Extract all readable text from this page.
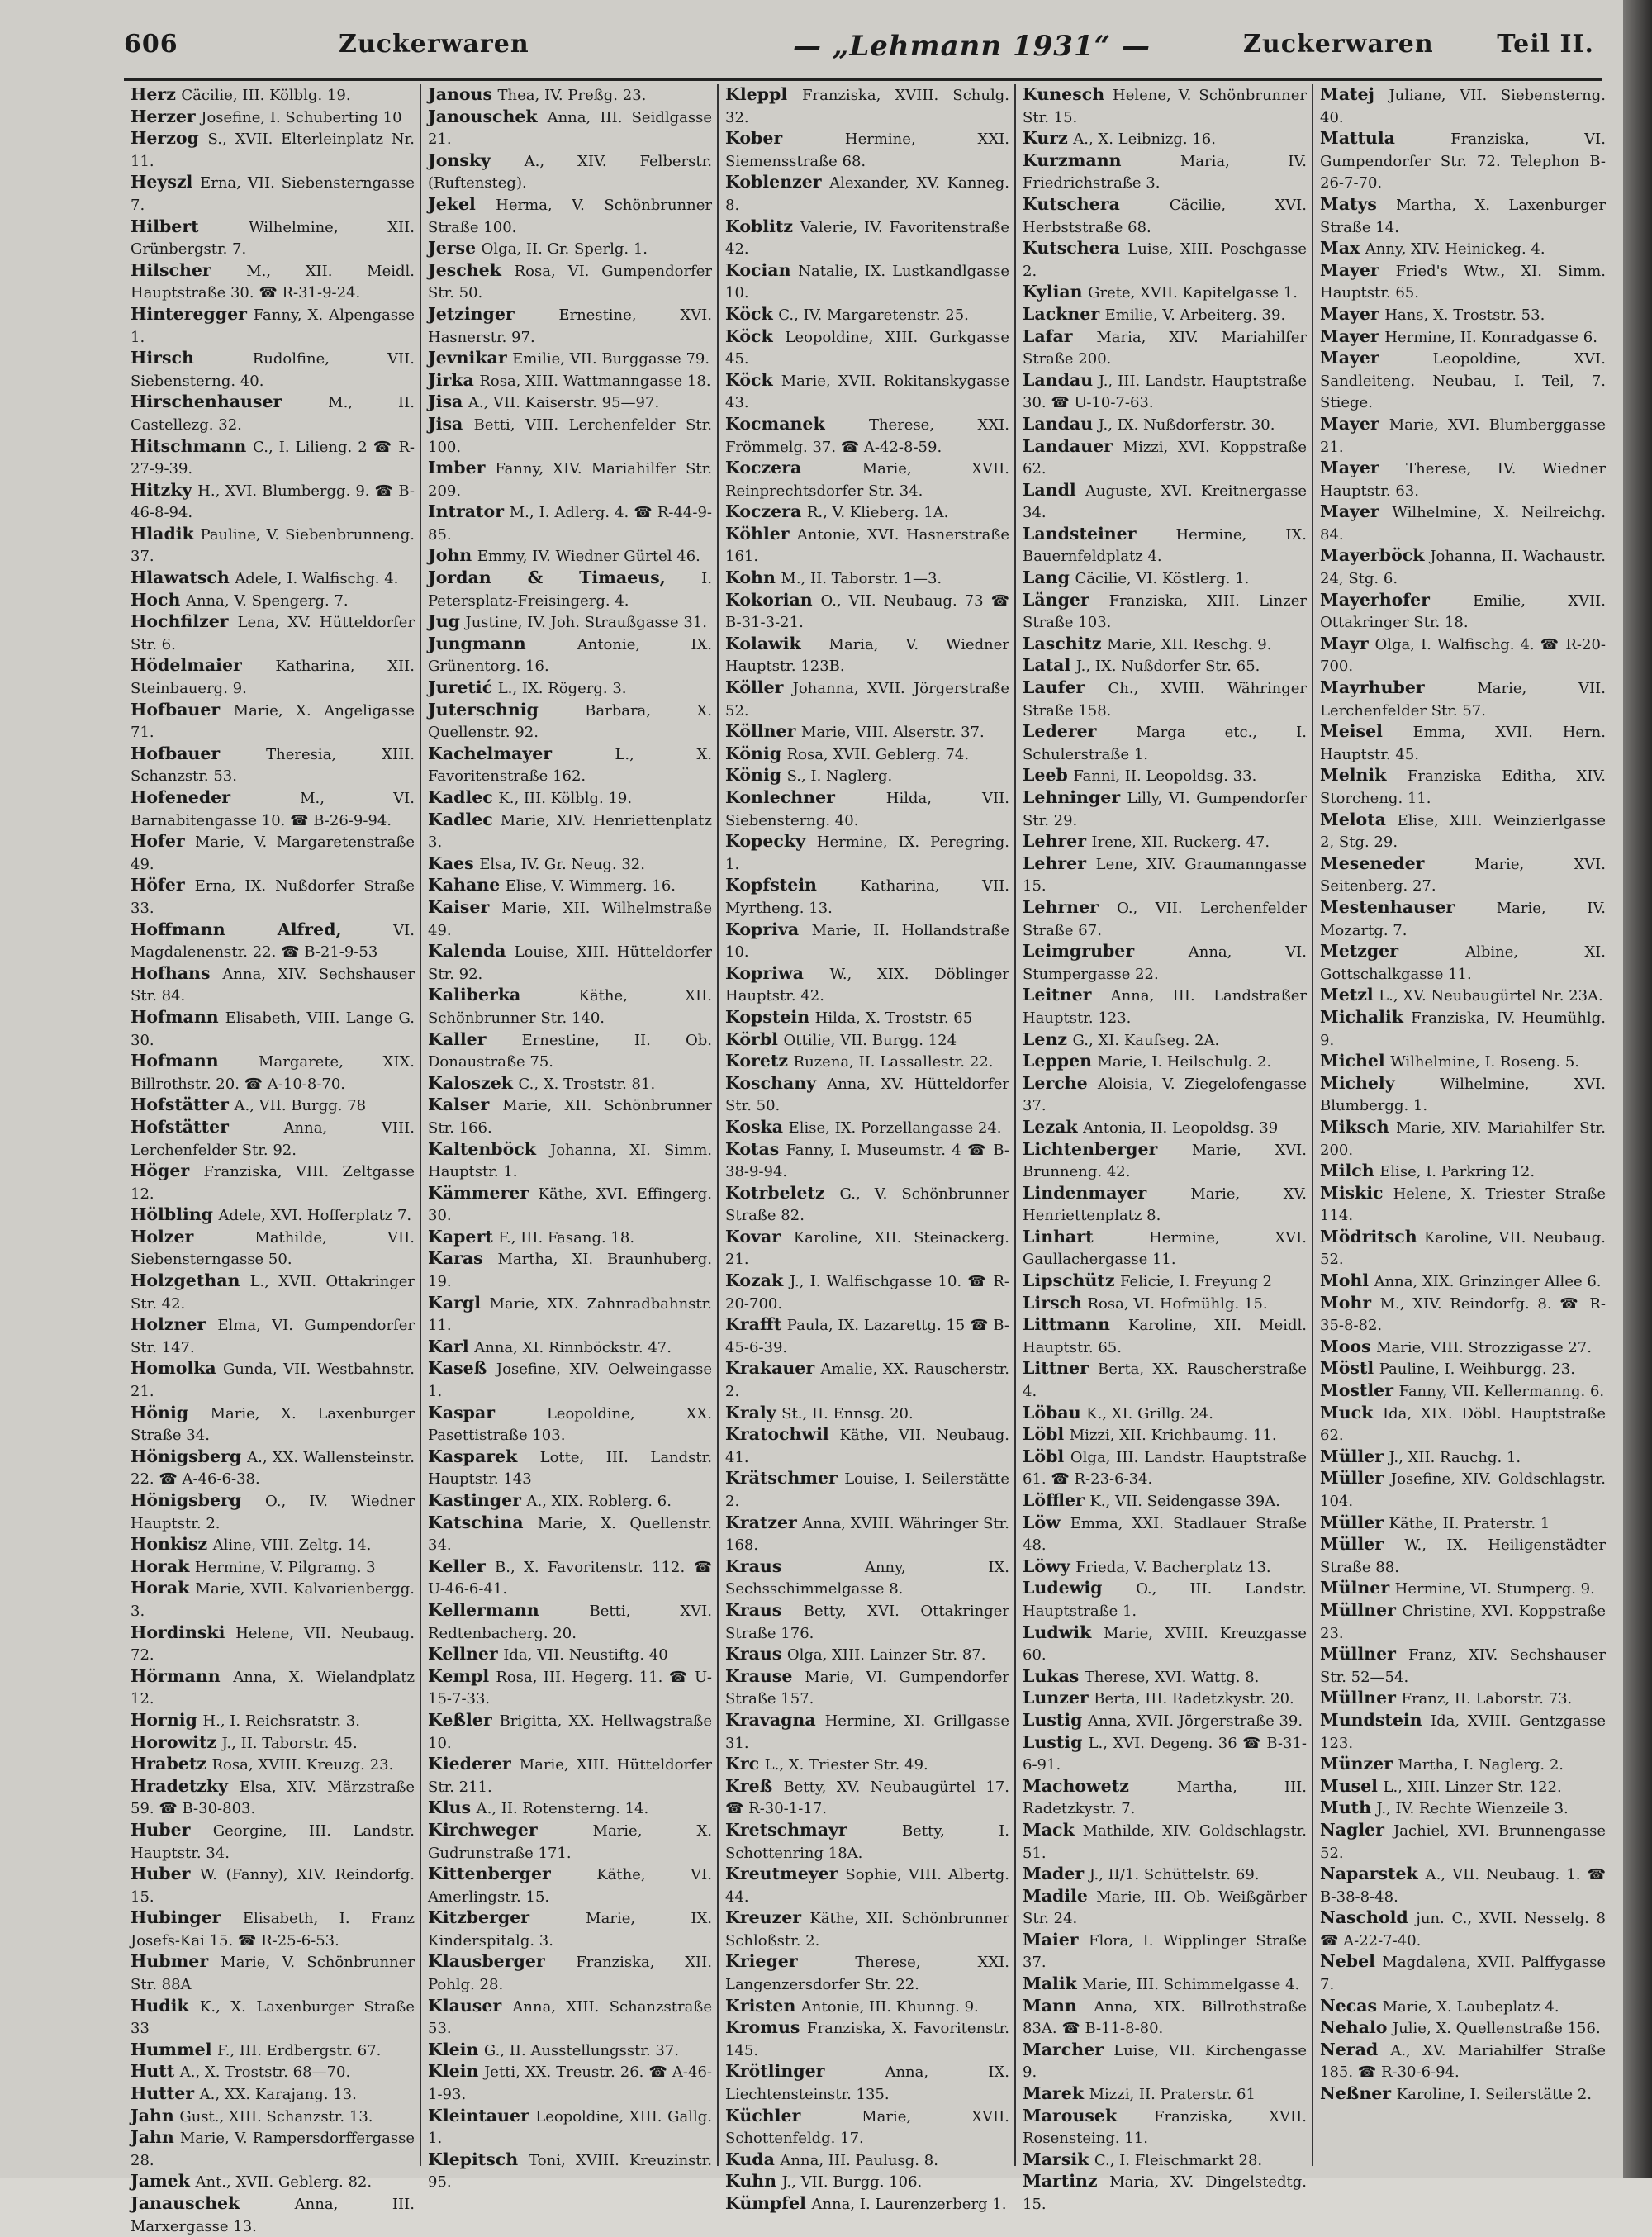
606	Zuckerwaren	— „Lehmann 1931“ —	Zuckerwaren	Teil II.

Herz Cäcilie, III. Kölblg. 19.

Herzer Josefine, I. Schuberting 10

Herzog S., XVII. Elterleinplatz Nr. 11.

Heyszl Erna, VII. Siebensterngasse 7.

Hilbert	Wilhelmine, XII. Grünbergstr. 7.

Hilscher M., XII. Meidl. Hauptstraße 30. ☎ R-31-9-24.

Hinteregger Fanny, X. Alpengasse 1.

Hirsch	Rudolfine, VII. Siebensterng. 40.

Hirschenhauser	M., II. Castellezg. 32.

Hitschmann C., I. Lilieng. 2 ☎ R-27-9-39.

Hitzky H., XVI. Blumbergg. 9. ☎ B-46-8-94.

Hladik Pauline, V. Siebenbrunneng. 37.

Hlawatsch Adele, I. Walfischg. 4.

Hoch Anna, V. Spengerg. 7.

Hochfilzer Lena, XV. Hütteldorfer Str. 6.

Hödelmaier Katharina, XII. Steinbauerg. 9.

Hofbauer Marie, X. Angeligasse 71.

Hofbauer	Theresia, XIII. Schanzstr. 53.

Hofeneder	M., VI. Barnabitengasse 10. ☎ B-26-9-94.

Hofer Marie, V. Margaretenstraße 49.

Höfer Erna, IX. Nußdorfer Straße 33.

Hoffmann Alfred,	VI. Magdalenenstr. 22. ☎ B-21-9-53

Hofhans Anna, XIV. Sechshauser Str. 84.

Hofmann Elisabeth, VIII. Lange G. 30.

Hofmann	Margarete, XIX. Billrothstr. 20. ☎ A-10-8-70.

Hofstätter A., VII. Burgg. 78

Hofstätter	Anna, VIII. Lerchenfelder Str. 92.

Höger Franziska, VIII. Zeltgasse 12.

Hölbling Adele, XVI. Hofferplatz 7.

Holzer	Mathilde, VII. Siebensterngasse 50.

Holzgethan L., XVII. Ottakringer Str. 42.

Holzner Elma, VI. Gumpendorfer Str. 147.

Homolka Gunda, VII. Westbahnstr. 21.

Hönig Marie, X. Laxenburger Straße 34.

Hönigsberg A., XX. Wallensteinstr. 22. ☎ A-46-6-38.

Hönigsberg O., IV. Wiedner Hauptstr. 2.

Honkisz Aline, VIII. Zeltg. 14.

Horak Hermine, V. Pilgramg. 3

Horak Marie, XVII. Kalvarienbergg. 3.

Hordinski Helene, VII. Neubaug. 72.

Hörmann Anna, X. Wielandplatz 12.

Hornig H., I. Reichsratstr. 3.

Horowitz J., II. Taborstr. 45.

Hrabetz Rosa, XVIII. Kreuzg. 23.

Hradetzky Elsa, XIV. Märzstraße 59. ☎ B-30-803.

Huber Georgine, III. Landstr. Hauptstr. 34.

Huber W. (Fanny), XIV. Reindorfg. 15.

Hubinger Elisabeth, I. Franz Josefs-Kai 15. ☎ R-25-6-53.

Hubmer Marie, V. Schönbrunner Str. 88A

Hudik K., X. Laxenburger Straße 33

Hummel F., III. Erdbergstr. 67.

Hutt A., X. Troststr. 68—70.

Hutter A., XX. Karajang. 13.

Jahn Gust., XIII. Schanzstr. 13.

Jahn Marie, V. Rampersdorffergasse 28.

Jamek Ant., XVII. Geblerg. 82.

Janauschek	Anna, III. Marxergasse 13.

Janous Thea, IV. Preßg. 23.

Janouschek Anna, III. Seidlgasse 21.

Jonsky A., XIV. Felberstr. (Ruftensteg).

Jekel Herma, V. Schönbrunner Straße 100.

Jerse Olga, II. Gr. Sperlg. 1.

Jeschek Rosa, VI. Gumpendorfer Str. 50.

Jetzinger	Ernestine, XVI. Hasnerstr. 97.

Jevnikar Emilie, VII. Burggasse 79.

Jirka Rosa, XIII. Wattmanngasse 18.

Jisa A., VII. Kaiserstr. 95—97.

Jisa Betti, VIII. Lerchenfelder Str. 100.

Imber Fanny, XIV. Mariahilfer Str. 209.

Intrator M., I. Adlerg. 4. ☎ R-44-9-85.

John Emmy, IV. Wiedner Gürtel 46.

Jordan & Timaeus, I. Petersplatz-Freisingerg. 4.

Jug Justine, IV. Joh. Straußgasse 31.

Jungmann	Antonie, IX. Grünentorg. 16.

Juretić L., IX. Rögerg. 3.

Juterschnig	Barbara, X. Quellenstr. 92.

Kachelmayer	L., X. Favoritenstraße 162.

Kadlec K., III. Kölblg. 19.

Kadlec Marie, XIV. Henriettenplatz 3.

Kaes Elsa, IV. Gr. Neug. 32.

Kahane Elise, V. Wimmerg. 16.

Kaiser Marie, XII. Wilhelmstraße 49.

Kalenda Louise, XIII. Hütteldorfer Str. 92.

Kaliberka	Käthe, XII. Schönbrunner Str. 140.

Kaller Ernestine, II. Ob. Donaustraße 75.

Kaloszek C., X. Troststr. 81.

Kalser Marie, XII. Schönbrunner Str. 166.

Kaltenböck Johanna, XI. Simm. Hauptstr. 1.

Kämmerer Käthe, XVI. Effingerg. 30.

Kapert F., III. Fasang. 18.

Karas Martha, XI. Braunhuberg. 19.

Kargl Marie, XIX. Zahnradbahnstr. 11.

Karl Anna, XI. Rinnböckstr. 47.

Kaseß Josefine, XIV. Oelweingasse 1.

Kaspar	Leopoldine, XX. Pasettistraße 103.

Kasparek Lotte, III. Landstr. Hauptstr. 143

Kastinger A., XIX. Roblerg. 6.

Katschina Marie, X. Quellenstr. 34.

Keller B., X. Favoritenstr. 112. ☎ U-46-6-41.

Kellermann	Betti, XVI. Redtenbacherg. 20.

Kellner Ida, VII. Neustiftg. 40

Kempl Rosa, III. Hegerg. 11. ☎ U-15-7-33.

Keßler Brigitta, XX. Hellwagstraße 10.

Kiederer Marie, XIII. Hütteldorfer Str. 211.

Klus A., II. Rotensterng. 14.

Kirchweger	Marie, X. Gudrunstraße 171.

Kittenberger	Käthe, VI. Amerlingstr. 15.

Kitzberger	Marie, IX. Kinderspitalg. 3.

Klausberger Franziska, XII. Pohlg. 28.

Klauser Anna, XIII. Schanzstraße 53.

Klein G., II. Ausstellungsstr. 37.

Klein Jetti, XX. Treustr. 26. ☎ A-46-1-93.

Kleintauer Leopoldine, XIII. Gallg. 1.

Klepitsch Toni, XVIII. Kreuzinstr. 95.

Kleppl Franziska, XVIII. Schulg. 32.

Kober	Hermine, XXI. Siemensstraße 68.

Koblenzer Alexander, XV. Kanneg. 8.

Koblitz Valerie, IV. Favoritenstraße 42.

Kocian Natalie, IX. Lustkandlgasse 10.

Köck C., IV. Margaretenstr. 25.

Köck Leopoldine, XIII. Gurkgasse 45.

Köck Marie, XVII. Rokitanskygasse 43.

Kocmanek	Therese, XXI. Frömmelg. 37. ☎ A-42-8-59.

Koczera	Marie, XVII. Reinprechtsdorfer Str. 34.

Koczera R., V. Klieberg. 1A.

Köhler Antonie, XVI. Hasnerstraße 161.

Kohn M., II. Taborstr. 1—3.

Kokorian O., VII. Neubaug. 73 ☎ B-31-3-21.

Kolawik Maria, V. Wiedner Hauptstr. 123B.

Köller Johanna, XVII. Jörgerstraße 52.

Köllner Marie, VIII. Alserstr. 37.

König Rosa, XVII. Geblerg. 74.

König S., I. Naglerg.

Konlechner	Hilda, VII. Siebensterng. 40.

Kopecky Hermine, IX. Peregring. 1.

Kopfstein	Katharina, VII. Myrtheng. 13.

Kopriva Marie, II. Hollandstraße 10.

Kopriwa W., XIX. Döblinger Hauptstr. 42.

Kopstein Hilda, X. Troststr. 65

Körbl Ottilie, VII. Burgg. 124

Koretz Ruzena, II. Lassallestr. 22.

Koschany Anna, XV. Hütteldorfer Str. 50.

Koska Elise, IX. Porzellangasse 24.

Kotas Fanny, I. Museumstr. 4 ☎ B-38-9-94.

Kotrbeletz G., V. Schönbrunner Straße 82.

Kovar Karoline, XII. Steinackerg. 21.

Kozak J., I. Walfischgasse 10. ☎ R-20-700.

Krafft Paula, IX. Lazarettg. 15 ☎ B-45-6-39.

Krakauer Amalie, XX. Rauscherstr. 2.

Kraly St., II. Ennsg. 20.

Kratochwil Käthe, VII. Neubaug. 41.

Krätschmer Louise, I. Seilerstätte 2.

Kratzer Anna, XVIII. Währinger Str. 168.

Kraus	Anny, IX. Sechsschimmelgasse 8.

Kraus Betty, XVI. Ottakringer Straße 176.

Kraus Olga, XIII. Lainzer Str. 87.

Krause Marie, VI. Gumpendorfer Straße 157.

Kravagna Hermine, XI. Grillgasse 31.

Krc L., X. Triester Str. 49.

Kreß Betty, XV. Neubaugürtel 17. ☎ R-30-1-17.

Kretschmayr	Betty, I. Schottenring 18A.

Kreutmeyer Sophie, VIII. Albertg. 44.

Kreuzer Käthe, XII. Schönbrunner Schloßstr. 2.

Krieger	Therese, XXI. Langenzersdorfer Str. 22.

Kristen Antonie, III. Khunng. 9.

Kromus Franziska, X. Favoritenstr. 145.

Krötlinger	Anna, IX. Liechtensteinstr. 135.

Küchler	Marie, XVII. Schottenfeldg. 17.

Kuda Anna, III. Paulusg. 8.

Kuhn J., VII. Burgg. 106.

Kümpfel Anna, I. Laurenzerberg 1.

Kunesch Helene, V. Schönbrunner Str. 15.

Kurz A., X. Leibnizg. 16.

Kurzmann	Maria, IV. Friedrichstraße 3.

Kutschera	Cäcilie, XVI. Herbststraße 68.

Kutschera Luise, XIII. Poschgasse 2.

Kylian Grete, XVII. Kapitelgasse 1.

Lackner Emilie, V. Arbeiterg. 39.

Lafar Maria, XIV. Mariahilfer Straße 200.

Landau J., III. Landstr. Hauptstraße 30. ☎ U-10-7-63.

Landau J., IX. Nußdorferstr. 30.

Landauer Mizzi, XVI. Koppstraße 62.

Landl Auguste, XVI. Kreitnergasse 34.

Landsteiner	Hermine, IX. Bauernfeldplatz 4.

Lang Cäcilie, VI. Köstlerg. 1.

Länger Franziska, XIII. Linzer Straße 103.

Laschitz Marie, XII. Reschg. 9.

Latal J., IX. Nußdorfer Str. 65.

Laufer Ch., XVIII. Währinger Straße 158.

Lederer	Marga etc., I. Schulerstraße 1.

Leeb Fanni, II. Leopoldsg. 33.

Lehninger Lilly, VI. Gumpendorfer Str. 29.

Lehrer Irene, XII. Ruckerg. 47.

Lehrer Lene, XIV. Graumanngasse 15.

Lehrner O., VII. Lerchenfelder Straße 67.

Leimgruber	Anna, VI. Stumpergasse 22.

Leitner Anna, III. Landstraßer Hauptstr. 123.

Lenz G., XI. Kaufseg. 2A.

Leppen Marie, I. Heilschulg. 2.

Lerche Aloisia, V. Ziegelofengasse 37.

Lezak Antonia, II. Leopoldsg. 39

Lichtenberger Marie, XVI. Brunneng. 42.

Lindenmayer	Marie, XV. Henriettenplatz 8.

Linhart	Hermine, XVI. Gaullachergasse 11.

Lipschütz Felicie, I. Freyung 2

Lirsch Rosa, VI. Hofmühlg. 15.

Littmann Karoline, XII. Meidl. Hauptstr. 65.

Littner Berta, XX. Rauscherstraße 4.

Löbau K., XI. Grillg. 24.

Löbl Mizzi, XII. Krichbaumg. 11.

Löbl Olga, III. Landstr. Hauptstraße 61. ☎ R-23-6-34.

Löffler K., VII. Seidengasse 39A.

Löw Emma, XXI. Stadlauer Straße 48.

Löwy Frieda, V. Bacherplatz 13.

Ludewig O., III. Landstr. Hauptstraße 1.

Ludwik Marie, XVIII. Kreuzgasse 60.

Lukas Therese, XVI. Wattg. 8.

Lunzer Berta, III. Radetzkystr. 20.

Lustig Anna, XVII. Jörgerstraße 39.

Lustig L., XVI. Degeng. 36 ☎ B-31-6-91.

Machowetz	Martha, III. Radetzkystr. 7.

Mack Mathilde, XIV. Goldschlagstr. 51.

Mader J., II/1. Schüttelstr. 69.

Madile Marie, III. Ob. Weißgärber Str. 24.

Maier Flora, I. Wipplinger Straße 37.

Malik Marie, III. Schimmelgasse 4.

Mann Anna, XIX. Billrothstraße 83A. ☎ B-11-8-80.

Marcher Luise, VII. Kirchengasse 9.

Marek Mizzi, II. Praterstr. 61

Marousek Franziska, XVII. Rosensteing. 11.

Marsik C., I. Fleischmarkt 28.

Martinz Maria, XV. Dingelstedtg. 15.

Matej Juliane, VII. Siebensterng. 40.

Mattula	Franziska, VI. Gumpendorfer Str. 72. Telephon B-26-7-70.

Matys Martha, X. Laxenburger Straße 14.

Max Anny, XIV. Heinickeg. 4.

Mayer Fried's Wtw., XI. Simm. Hauptstr. 65.

Mayer Hans, X. Troststr. 53.

Mayer Hermine, II. Konradgasse 6.

Mayer	Leopoldine, XVI. Sandleiteng. Neubau, I. Teil, 7. Stiege.

Mayer Marie, XVI. Blumberggasse 21.

Mayer Therese, IV. Wiedner Hauptstr. 63.

Mayer Wilhelmine, X. Neilreichg. 84.

Mayerböck Johanna, II. Wachaustr. 24, Stg. 6.

Mayerhofer	Emilie, XVII. Ottakringer Str. 18.

Mayr Olga, I. Walfischg. 4. ☎ R-20-700.

Mayrhuber	Marie, VII. Lerchenfelder Str. 57.

Meisel Emma, XVII. Hern. Hauptstr. 45.

Melnik Franziska Editha, XIV. Storcheng. 11.

Melota Elise, XIII. Weinzierlgasse 2, Stg. 29.

Meseneder	Marie, XVI. Seitenberg. 27.

Mestenhauser	Marie, IV. Mozartg. 7.

Metzger	Albine, XI. Gottschalkgasse 11.

Metzl L., XV. Neubaugürtel Nr. 23A.

Michalik Franziska, IV. Heumühlg. 9.

Michel Wilhelmine, I. Roseng. 5.

Michely	Wilhelmine, XVI. Blumbergg. 1.

Miksch Marie, XIV. Mariahilfer Str. 200.

Milch Elise, I. Parkring 12.

Miskic Helene, X. Triester Straße 114.

Mödritsch Karoline, VII. Neubaug. 52.

Mohl Anna, XIX. Grinzinger Allee 6.

Mohr M., XIV. Reindorfg. 8. ☎ R-35-8-82.

Moos Marie, VIII. Strozzigasse 27.

Möstl Pauline, I. Weihburgg. 23.

Mostler Fanny, VII. Kellermanng. 6.

Muck Ida, XIX. Döbl. Hauptstraße 62.

Müller J., XII. Rauchg. 1.

Müller Josefine, XIV. Goldschlagstr. 104.

Müller Käthe, II. Praterstr. 1

Müller W., IX. Heiligenstädter Straße 88.

Mülner Hermine, VI. Stumperg. 9.

Müllner Christine, XVI. Koppstraße 23.

Müllner Franz, XIV. Sechshauser Str. 52—54.

Müllner Franz, II. Laborstr. 73.

Mundstein Ida, XVIII. Gentzgasse 123.

Münzer Martha, I. Naglerg. 2.

Musel L., XIII. Linzer Str. 122.

Muth J., IV. Rechte Wienzeile 3.

Nagler Jachiel, XVI. Brunnengasse 52.

Naparstek A., VII. Neubaug. 1. ☎ B-38-8-48.

Naschold jun. C., XVII. Nesselg. 8 ☎ A-22-7-40.

Nebel Magdalena, XVII. Palffygasse 7.

Necas Marie, X. Laubeplatz 4.

Nehalo Julie, X. Quellenstraße 156.

Nerad A., XV. Mariahilfer Straße 185. ☎ R-30-6-94.

Neßner Karoline, I. Seilerstätte 2.
